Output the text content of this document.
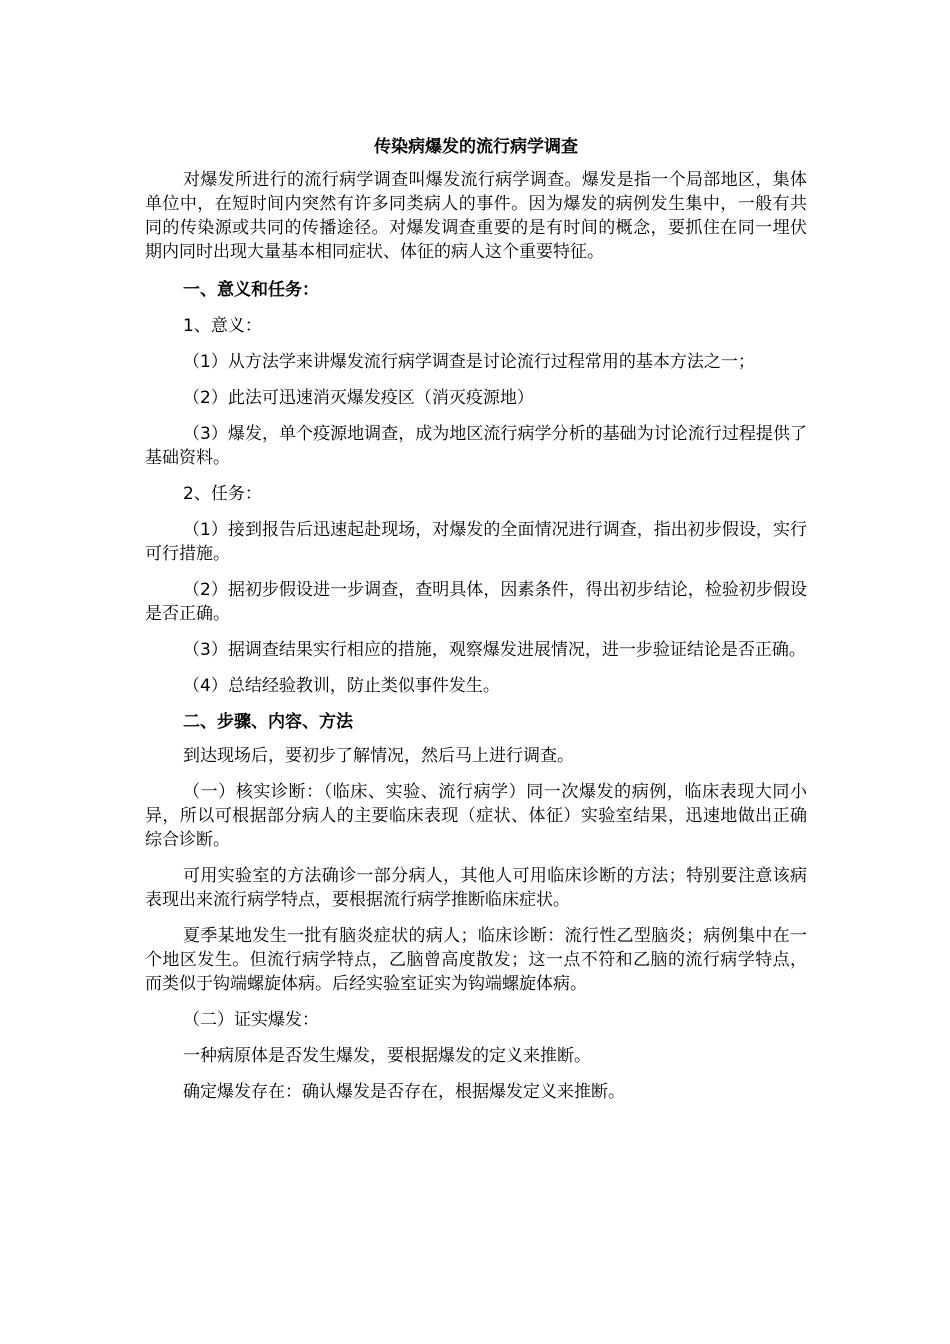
传染病爆发的流行病学调查
对爆发所进行的流行病学调查叫爆发流行病学调查。爆发是指一个局部地区，集体单位中，在短时间内突然有许多同类病人的事件。因为爆发的病例发生集中，一般有共同的传染源或共同的传播途径。对爆发调查重要的是有时间的概念，要抓住在同一埋伏期内同时出现大量基本相同症状、体征的病人这个重要特征。
一、意义和任务：
1、意义：
（1）从方法学来讲爆发流行病学调查是讨论流行过程常用的基本方法之一；
（2）此法可迅速消灭爆发疫区（消灭疫源地）
（3）爆发，单个疫源地调查，成为地区流行病学分析的基础为讨论流行过程提供了基础资料。
2、任务：
（1）接到报告后迅速起赴现场，对爆发的全面情况进行调查，指出初步假设，实行可行措施。
（2）据初步假设进一步调查，查明具体，因素条件，得出初步结论，检验初步假设是否正确。
（3）据调查结果实行相应的措施，观察爆发进展情况，进一步验证结论是否正确。
（4）总结经验教训，防止类似事件发生。
二、步骤、内容、方法
到达现场后，要初步了解情况，然后马上进行调查。
（一）核实诊断：（临床、实验、流行病学）同一次爆发的病例，临床表现大同小异，所以可根据部分病人的主要临床表现（症状、体征）实验室结果，迅速地做出正确综合诊断。
可用实验室的方法确诊一部分病人，其他人可用临床诊断的方法；特别要注意该病表现出来流行病学特点，要根据流行病学推断临床症状。
夏季某地发生一批有脑炎症状的病人；临床诊断：流行性乙型脑炎；病例集中在一个地区发生。但流行病学特点，乙脑曾高度散发；这一点不符和乙脑的流行病学特点，而类似于钩端螺旋体病。后经实验室证实为钩端螺旋体病。
（二）证实爆发：
一种病原体是否发生爆发，要根据爆发的定义来推断。
确定爆发存在：确认爆发是否存在，根据爆发定义来推断。
